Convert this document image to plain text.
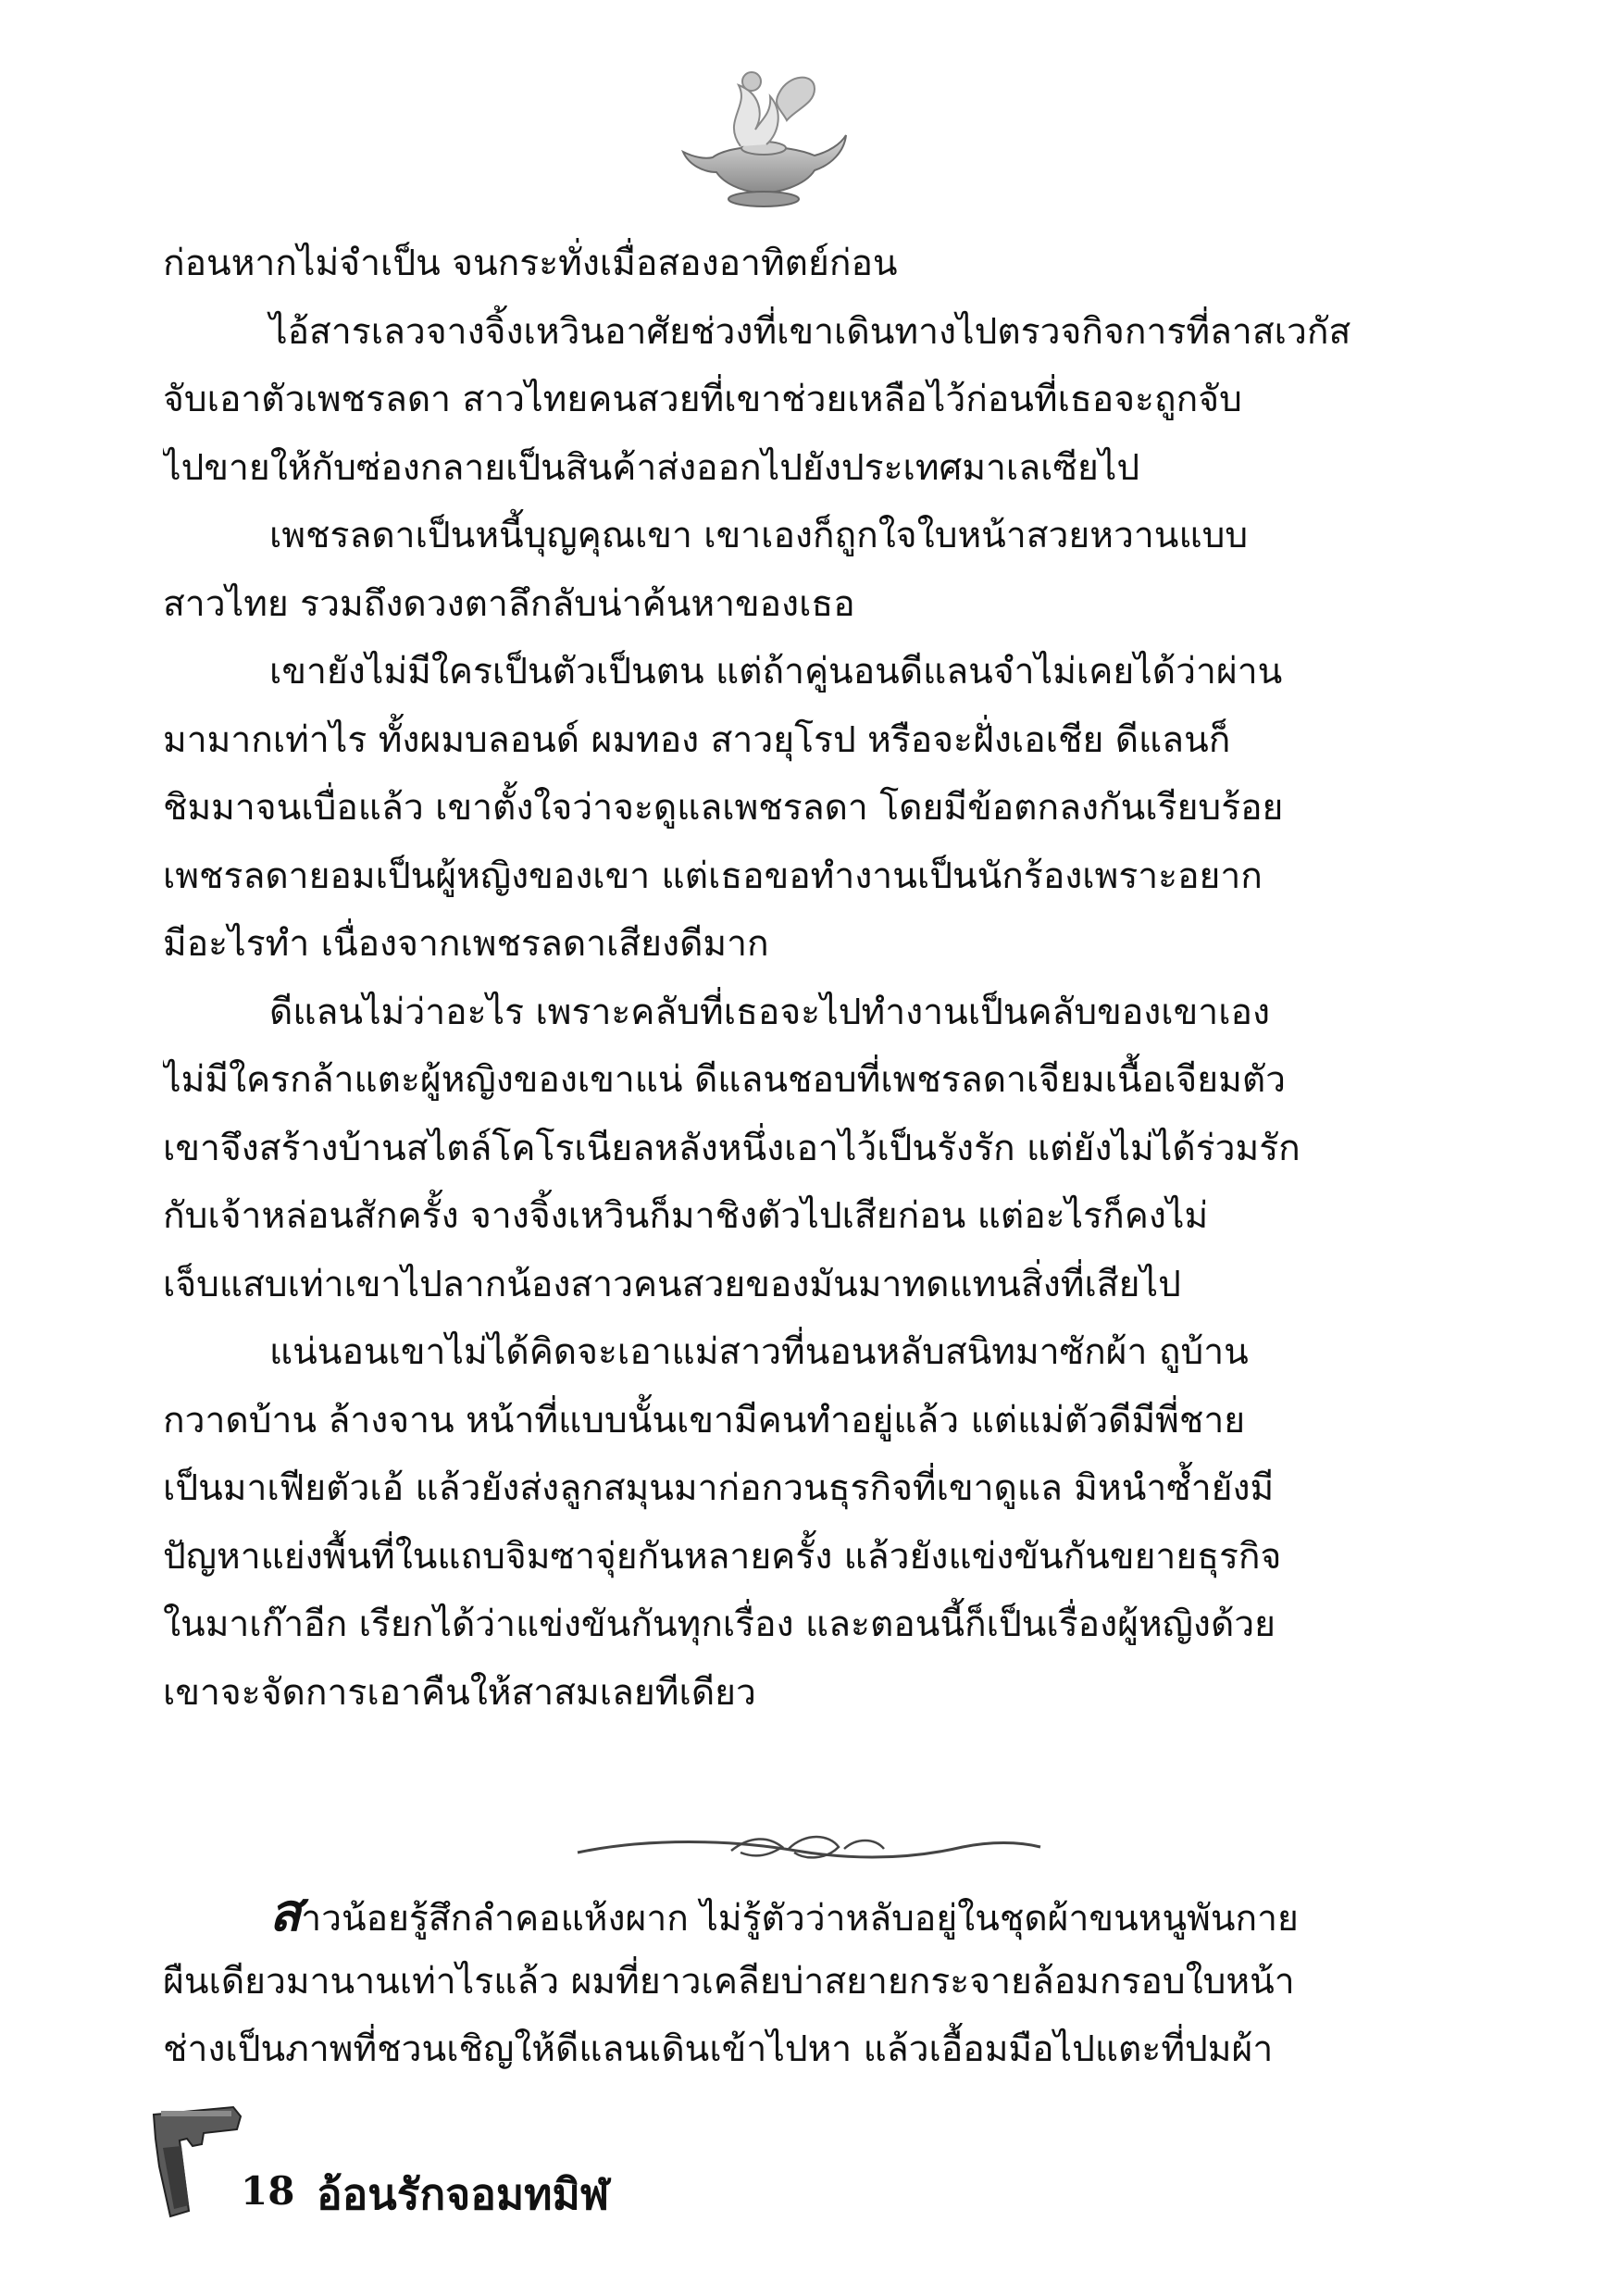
ก่อนหากไม่จำเป็น จนกระทั่งเมื่อสองอาทิตย์ก่อน
ไอ้สารเลวจางจิ้งเหวินอาศัยช่วงที่เขาเดินทางไปตรวจกิจการที่ลาสเวกัส
จับเอาตัวเพชรลดา สาวไทยคนสวยที่เขาช่วยเหลือไว้ก่อนที่เธอจะถูกจับ
ไปขายให้กับซ่องกลายเป็นสินค้าส่งออกไปยังประเทศมาเลเซียไป
เพชรลดาเป็นหนี้บุญคุณเขา เขาเองก็ถูกใจใบหน้าสวยหวานแบบ
สาวไทย รวมถึงดวงตาลึกลับน่าค้นหาของเธอ
เขายังไม่มีใครเป็นตัวเป็นตน แต่ถ้าคู่นอนดีแลนจำไม่เคยได้ว่าผ่าน
มามากเท่าไร ทั้งผมบลอนด์ ผมทอง สาวยุโรป หรือจะฝั่งเอเชีย ดีแลนก็
ชิมมาจนเบื่อแล้ว เขาตั้งใจว่าจะดูแลเพชรลดา โดยมีข้อตกลงกันเรียบร้อย
เพชรลดายอมเป็นผู้หญิงของเขา แต่เธอขอทำงานเป็นนักร้องเพราะอยาก
มีอะไรทำ เนื่องจากเพชรลดาเสียงดีมาก
ดีแลนไม่ว่าอะไร เพราะคลับที่เธอจะไปทำงานเป็นคลับของเขาเอง
ไม่มีใครกล้าแตะผู้หญิงของเขาแน่ ดีแลนชอบที่เพชรลดาเจียมเนื้อเจียมตัว
เขาจึงสร้างบ้านสไตล์โคโรเนียลหลังหนึ่งเอาไว้เป็นรังรัก แต่ยังไม่ได้ร่วมรัก
กับเจ้าหล่อนสักครั้ง จางจิ้งเหวินก็มาชิงตัวไปเสียก่อน แต่อะไรก็คงไม่
เจ็บแสบเท่าเขาไปลากน้องสาวคนสวยของมันมาทดแทนสิ่งที่เสียไป
แน่นอนเขาไม่ได้คิดจะเอาแม่สาวที่นอนหลับสนิทมาซักผ้า ถูบ้าน
กวาดบ้าน ล้างจาน หน้าที่แบบนั้นเขามีคนทำอยู่แล้ว แต่แม่ตัวดีมีพี่ชาย
เป็นมาเฟียตัวเอ้ แล้วยังส่งลูกสมุนมาก่อกวนธุรกิจที่เขาดูแล มิหนำซ้ำยังมี
ปัญหาแย่งพื้นที่ในแถบจิมซาจุ่ยกันหลายครั้ง แล้วยังแข่งขันกันขยายธุรกิจ
ในมาเก๊าอีก เรียกได้ว่าแข่งขันกันทุกเรื่อง และตอนนี้ก็เป็นเรื่องผู้หญิงด้วย
เขาจะจัดการเอาคืนให้สาสมเลยทีเดียว
สาวน้อยรู้สึกลำคอแห้งผาก ไม่รู้ตัวว่าหลับอยู่ในชุดผ้าขนหนูพันกาย
ผืนเดียวมานานเท่าไรแล้ว ผมที่ยาวเคลียบ่าสยายกระจายล้อมกรอบใบหน้า
ช่างเป็นภาพที่ชวนเชิญให้ดีแลนเดินเข้าไปหา แล้วเอื้อมมือไปแตะที่ปมผ้า
18 อ้อนรักจอมทมิฬ
